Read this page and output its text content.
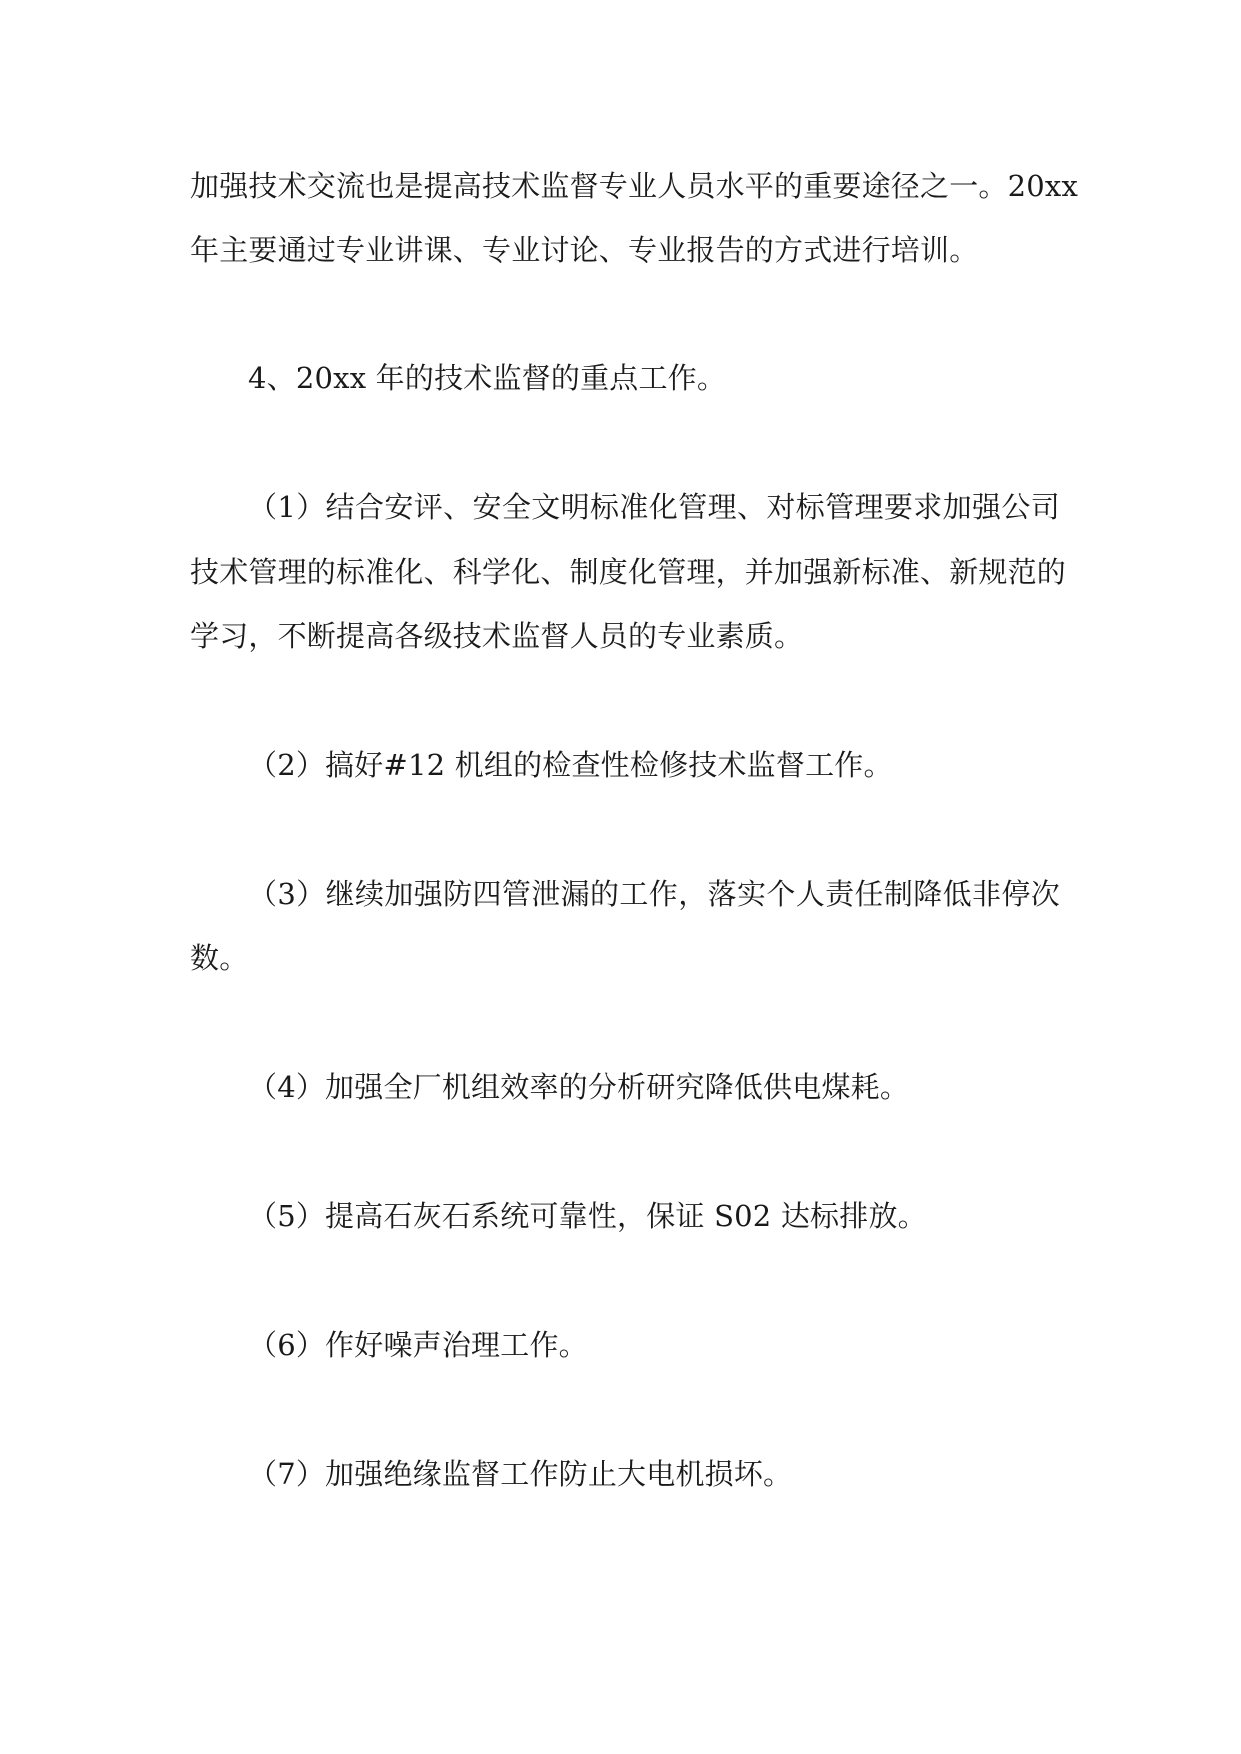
加强技术交流也是提高技术监督专业人员水平的重要途径之一。20xx

年主要通过专业讲课、专业讨论、专业报告的方式进行培训。

4、20xx 年的技术监督的重点工作。

（1）结合安评、安全文明标准化管理、对标管理要求加强公司

技术管理的标准化、科学化、制度化管理，并加强新标准、新规范的

学习，不断提高各级技术监督人员的专业素质。

（2）搞好#12 机组的检查性检修技术监督工作。

（3）继续加强防四管泄漏的工作，落实个人责任制降低非停次

数。

（4）加强全厂机组效率的分析研究降低供电煤耗。

（5）提高石灰石系统可靠性，保证 S02 达标排放。

（6）作好噪声治理工作。

（7）加强绝缘监督工作防止大电机损坏。
